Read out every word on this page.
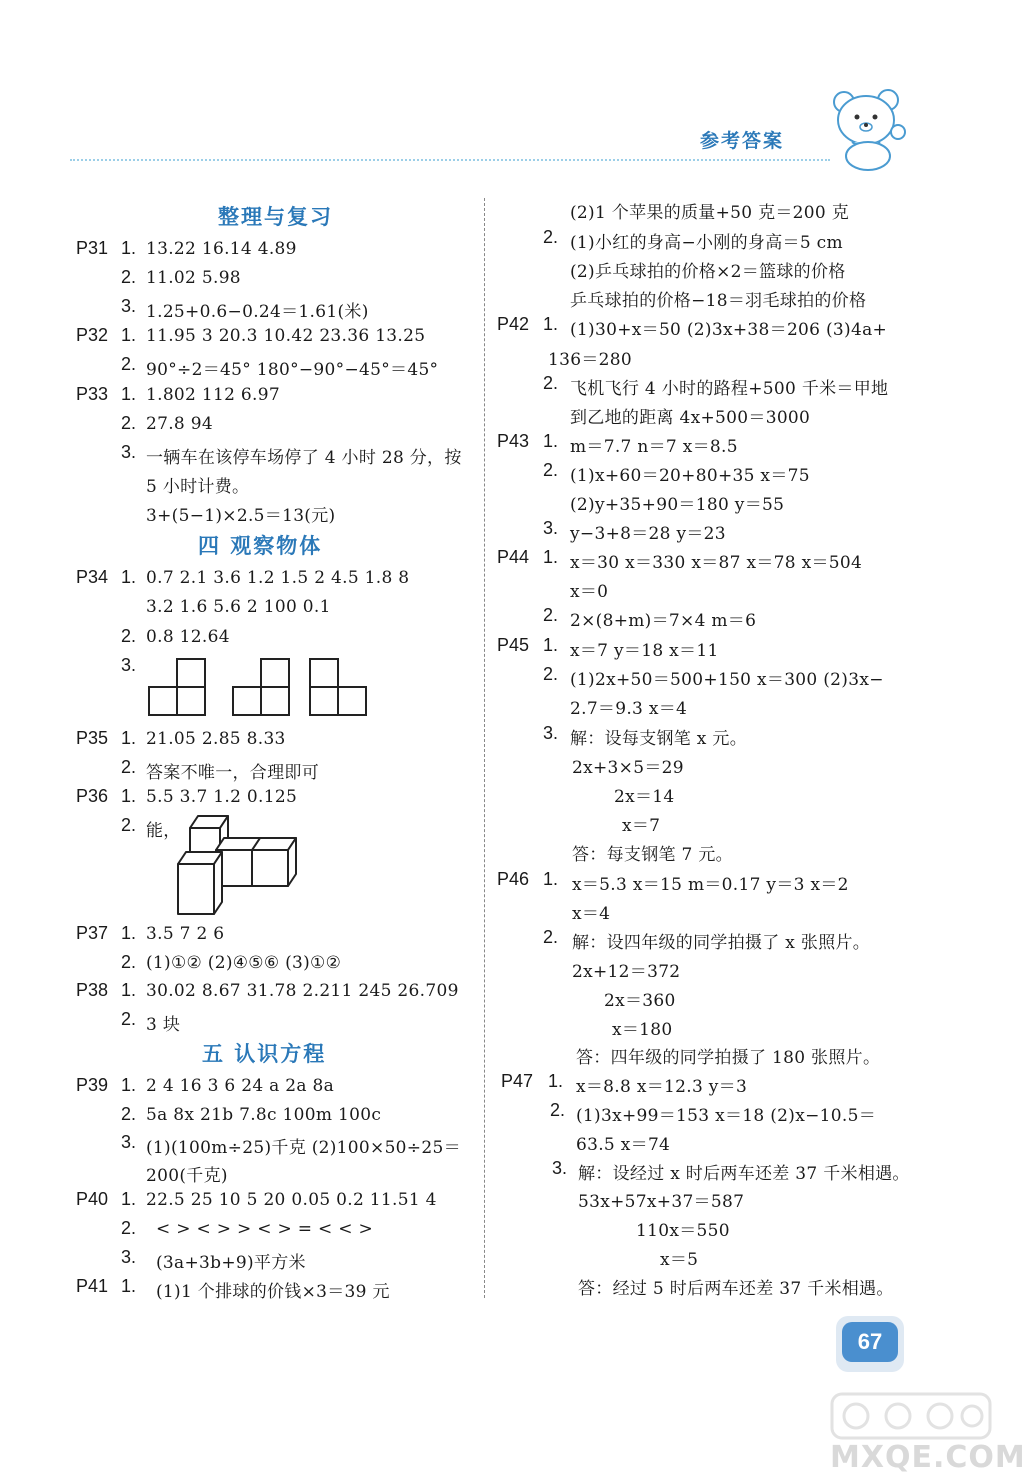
参考答案
整理与复习
四 观察物体
五 认识方程
P31 1. 13.22 16.14 4.89
2. 11.02 5.98
3. 1.25+0.6−0.24＝1.61(米)
P32 1. 11.95 3 20.3 10.42 23.36 13.25
2. 90°÷2＝45° 180°−90°−45°＝45°
P33 1. 1.802 112 6.97
2. 27.8 94
3. 一辆车在该停车场停了 4 小时 28 分，按
5 小时计费。
3+(5−1)×2.5＝13(元)
P34 1. 0.7 2.1 3.6 1.2 1.5 2 4.5 1.8 8
3.2 1.6 5.6 2 100 0.1
2. 0.8 12.64
3.
P35 1. 21.05 2.85 8.33
2. 答案不唯一，合理即可
P36 1. 5.5 3.7 1.2 0.125
2. 能，
P37 1. 3.5 7 2 6
2. (1)①② (2)④⑤⑥ (3)①②
P38 1. 30.02 8.67 31.78 2.211 245 26.709
2. 3 块
P39 1. 2 4 16 3 6 24 a 2a 8a
2. 5a 8x 21b 7.8c 100m 100c
3. (1)(100m÷25)千克 (2)100×50÷25＝
200(千克)
P40 1. 22.5 25 10 5 20 0.05 0.2 11.51 4
2. < > < > > < > = < < >
3. (3a+3b+9)平方米
P41 1. (1)1 个排球的价钱×3＝39 元
(2)1 个苹果的质量+50 克＝200 克
2. (1)小红的身高−小刚的身高＝5 cm
(2)乒乓球拍的价格×2＝篮球的价格
乒乓球拍的价格−18＝羽毛球拍的价格
P42 1. (1)30+x＝50 (2)3x+38＝206 (3)4a+
136＝280
2. 飞机飞行 4 小时的路程+500 千米＝甲地
到乙地的距离 4x+500＝3000
P43 1. m＝7.7 n＝7 x＝8.5
2. (1)x+60＝20+80+35 x＝75
(2)y+35+90＝180 y＝55
3. y−3+8＝28 y＝23
P44 1. x＝30 x＝330 x＝87 x＝78 x＝504
x＝0
2. 2×(8+m)＝7×4 m＝6
P45 1. x＝7 y＝18 x＝11
2. (1)2x+50＝500+150 x＝300 (2)3x−
2.7＝9.3 x＝4
3. 解：设每支钢笔 x 元。
2x+3×5＝29
2x＝14
x＝7
答：每支钢笔 7 元。
P46 1. x＝5.3 x＝15 m＝0.17 y＝3 x＝2
x＝4
2. 解：设四年级的同学拍摄了 x 张照片。
2x+12＝372
2x＝360
x＝180
答：四年级的同学拍摄了 180 张照片。
P47 1. x＝8.8 x＝12.3 y＝3
2. (1)3x+99＝153 x＝18 (2)x−10.5＝
63.5 x＝74
3. 解：设经过 x 时后两车还差 37 千米相遇。
53x+57x+37＝587
110x＝550
x＝5
答：经过 5 时后两车还差 37 千米相遇。
67
MXQE.COM
